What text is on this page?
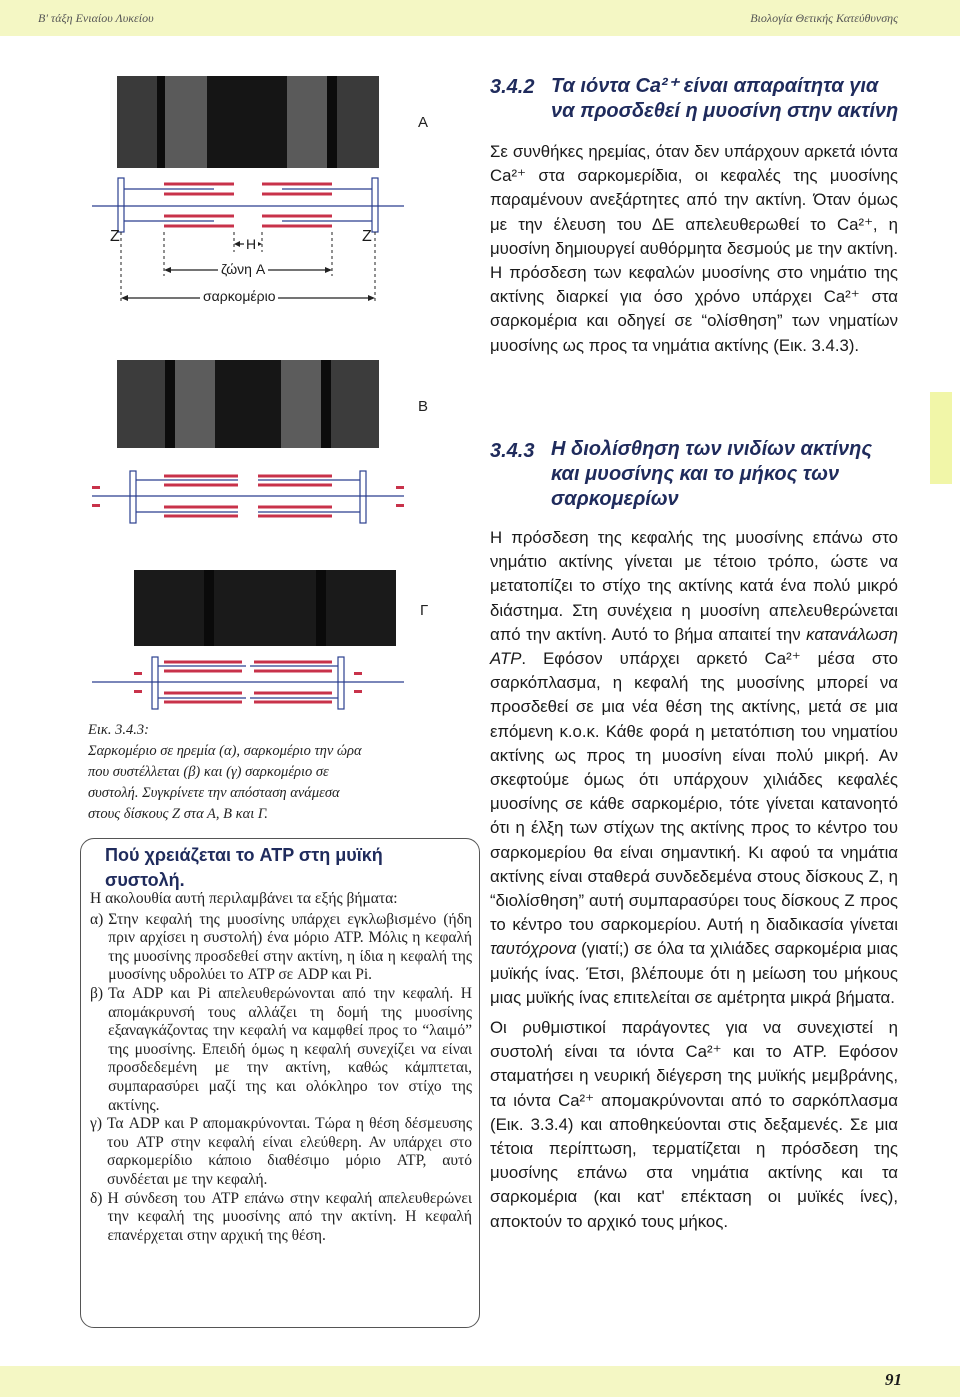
Β' τάξη Ενιαίου Λυκείου	Βιολογία Θετικής Κατεύθυνσης
91
A
Z	Z
H
ζώνη A
σαρκομέριο
B
Γ
Εικ. 3.4.3:
Σαρκομέριο σε ηρεμία (α), σαρκομέριο την ώρα
που συστέλλεται (β) και (γ) σαρκομέριο σε
συστολή. Συγκρίνετε την απόσταση ανάμεσα
στους δίσκους Ζ στα Α, Β και Γ.
Πού χρειάζεται το ATP στη μυϊκή συστολή.

Η ακολουθία αυτή περιλαμβάνει τα εξής βήματα:

α) Στην κεφαλή της μυοσίνης υπάρχει εγκλωβισμένο (ήδη πριν αρχίσει η συστολή) ένα μόριο ATP. Μόλις η κεφαλή της μυοσίνης προσδεθεί στην ακτίνη, η ίδια η κεφαλή της μυοσίνης υδρολύει το ATP σε ADP και Pi.
β) Τα ADP και Pi απελευθερώνονται από την κεφαλή. Η απομάκρυνσή τους αλλάζει τη δομή της μυοσίνης εξαναγκάζοντας την κεφαλή να καμφθεί προς το “λαιμό” της μυοσίνης. Επειδή όμως η κεφαλή συνεχίζει να είναι προσδεδεμένη με την ακτίνη, καθώς κάμπτεται, συμπαρασύρει μαζί της και ολόκληρο τον στίχο της ακτίνης.
γ) Τα ADP και P απομακρύνονται. Τώρα η θέση δέσμευσης του ATP στην κεφαλή είναι ελεύθερη. Αν υπάρχει στο σαρκομερίδιο κάποιο διαθέσιμο μόριο ATP, αυτό συνδέεται με την κεφαλή.
δ) Η σύνδεση του ATP επάνω στην κεφαλή απελευθερώνει την κεφαλή της μυοσίνης από την ακτίνη. Η κεφαλή επανέρχεται στην αρχική της θέση.
3.4.2 Τα ιόντα Ca²⁺ είναι απαραίτητα για
να προσδεθεί η μυοσίνη στην ακτίνη

Σε συνθήκες ηρεμίας, όταν δεν υπάρχουν αρκετά ιόντα Ca²⁺ στα σαρκομερίδια, οι κεφαλές της μυοσίνης παραμένουν ανεξάρτητες από την ακτίνη. Όταν όμως με την έλευση του ΔΕ απελευθερωθεί το Ca²⁺, η μυοσίνη δημιουργεί αυθόρμητα δεσμούς με την ακτίνη. Η πρόσδεση των κεφαλών μυοσίνης στο νημάτιο της ακτίνης διαρκεί για όσο χρόνο υπάρχει Ca²⁺ στα σαρκομέρια και οδηγεί σε “ολίσθηση” των νηματίων μυοσίνης ως προς τα νημάτια ακτίνης (Εικ. 3.4.3).

3.4.3 Η διολίσθηση των ινιδίων ακτίνης
και μυοσίνης και το μήκος των
σαρκομερίων

Η πρόσδεση της κεφαλής της μυοσίνης επάνω στο νημάτιο ακτίνης γίνεται με τέτοιο τρόπο, ώστε να μετατοπίζει το στίχο της ακτίνης κατά ένα πολύ μικρό διάστημα. Στη συνέχεια η μυοσίνη απελευθερώνεται από την ακτίνη. Αυτό το βήμα απαιτεί την κατανάλωση ATP. Εφόσον υπάρχει αρκετό Ca²⁺ μέσα στο σαρκόπλασμα, η κεφαλή της μυοσίνης μπορεί να προσδεθεί σε μια νέα θέση της ακτίνης, μετά σε μια επόμενη κ.ο.κ. Κάθε φορά η μετατόπιση του νηματίου ακτίνης ως προς τη μυοσίνη είναι πολύ μικρή. Αν σκεφτούμε όμως ότι υπάρχουν χιλιάδες κεφαλές μυοσίνης σε κάθε σαρκομέριο, τότε γίνεται κατανοητό ότι η έλξη των στίχων της ακτίνης προς το κέντρο του σαρκομερίου θα είναι σημαντική. Κι αφού τα νημάτια ακτίνης είναι σταθερά συνδεδεμένα στους δίσκους Ζ, η “διολίσθηση” αυτή συμπαρασύρει τους δίσκους Ζ προς το κέντρο του σαρκομερίου. Αυτή η διαδικασία γίνεται ταυτόχρονα (γιατί;) σε όλα τα χιλιάδες σαρκομέρια μιας μυϊκής ίνας. Έτσι, βλέπουμε ότι η μείωση του μήκους μιας μυϊκής ίνας επιτελείται σε αμέτρητα μικρά βήματα.

Οι ρυθμιστικοί παράγοντες για να συνεχιστεί η συστολή είναι τα ιόντα Ca²⁺ και το ATP. Εφόσον σταματήσει η νευρική διέγερση της μυϊκής μεμβράνης, τα ιόντα Ca²⁺ απομακρύνονται από το σαρκόπλασμα (Εικ. 3.3.4) και αποθηκεύονται στις δεξαμενές. Σε μια τέτοια περίπτωση, τερματίζεται η πρόσδεση της μυοσίνης επάνω στα νημάτια ακτίνης και τα σαρκομέρια (και κατ' επέκταση οι μυϊκές ίνες), αποκτούν το αρχικό τους μήκος.
